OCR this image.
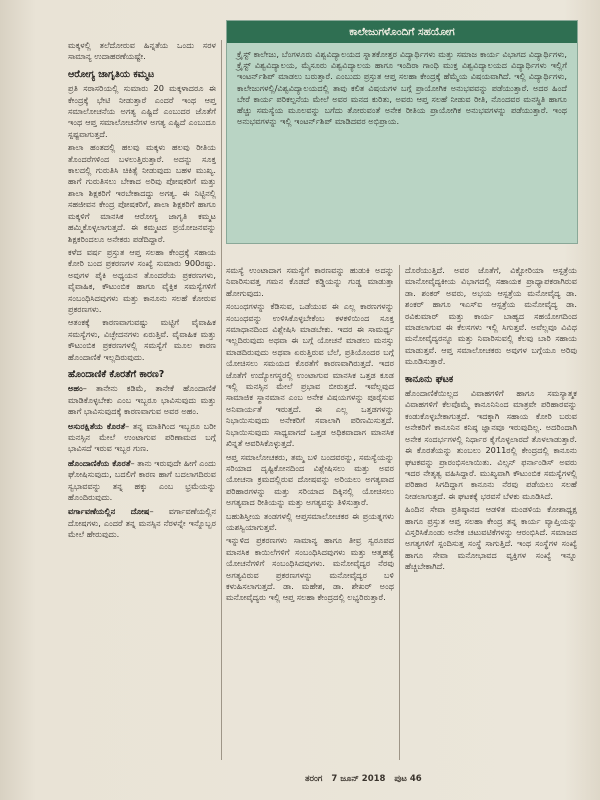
ಮಕ್ಕಳಲ್ಲಿ ತಲೆದೋರುವ ಹಿನ್ನತೆಯ ಒಂದು ಸರಳ ಸಾಮಾನ್ಯ ಉದಾಹರಣೆಯಷ್ಟೇ.

ಆರೋಗ್ಯ ಜಾಗೃತಿಯ ಕಮ್ಮಟ

ಪ್ರತಿ ಸರಾಸರಿಯಲ್ಲಿ ಸುಮಾರು 20 ಮಕ್ಕಳಾದರೂ ಈ ಕೇಂದ್ರಕ್ಕೆ ಭೇಟಿ ನೀಡುತ್ತಾರೆ ಎಂದರೆ ಇಂಥ ಆಪ್ತ ಸಮಾಲೋಚನೆಯ ಅಗತ್ಯ ಎಷ್ಟಿದೆ ಎಂಬುದರ ಜೊತೆಗೆ ಇಂಥ ಆಪ್ತ ಸಮಾಲೋಚನೆಗಳ ಅಗತ್ಯ ಎಷ್ಟಿದೆ ಎಂಬುದೂ ಸ್ಪಷ್ಟವಾಗುತ್ತದೆ.

ಶಾಲಾ ಹಂತದಲ್ಲಿ ಹಲವು ಮಕ್ಕಳು ಹಲವು ರೀತಿಯ ತೊಂದರೆಗಳಿಂದ ಬಳಲುತ್ತಿರುತ್ತಾರೆ. ಅದನ್ನು ಸೂಕ್ತ ಕಾಲದಲ್ಲಿ ಗುರುತಿಸಿ ಚಿಕಿತ್ಸೆ ನೀಡುವುದು ಬಹಳ ಮುಖ್ಯ. ಹಾಗೆ ಗುರುತಿಸಲು ಬೇಕಾದ ಅರಿವು ಪೋಷಕರಿಗೆ ಮತ್ತು ಶಾಲಾ ಶಿಕ್ಷಕರಿಗೆ ಇರಬೇಕಾದದ್ದು ಅಗತ್ಯ. ಈ ನಿಟ್ಟಿನಲ್ಲಿ ಸಹಜೀವನ ಕೇಂದ್ರ ಪೋಷಕರಿಗೆ, ಶಾಲಾ ಶಿಕ್ಷಕರಿಗೆ ಹಾಗೂ ಮಕ್ಕಳಿಗೆ ಮಾನಸಿಕ ಆರೋಗ್ಯ ಜಾಗೃತಿ ಕಮ್ಮಟ ಹಮ್ಮಿಕೊಳ್ಳಲಾಗುತ್ತದೆ. ಈ ಕಮ್ಮಟದ ಪ್ರಯೋಜನವನ್ನು ಶಿಕ್ಷಕರಿಂದಲೂ ಅನೇಕರು ಪಡೆದಿದ್ದಾರೆ.

ಕಳೆದ ವರ್ಷ ಪ್ರಸ್ತುತ ಆಪ್ತ ಸಲಹಾ ಕೇಂದ್ರಕ್ಕೆ ಸಹಾಯ ಕೋರಿ ಬಂದ ಪ್ರಕರಣಗಳ ಸಂಖ್ಯೆ ಸುಮಾರು 900ರಷ್ಟು. ಅವುಗಳ ಪೈಕಿ ಅಧ್ಯಯನ ತೊಂದರೆಯ ಪ್ರಕರಣಗಳು, ವೈವಾಹಿಕ, ಕೌಟುಂಬಿಕ ಹಾಗೂ ವೈಕ್ತಿಕ ಸಮಸ್ಯೆಗಳಿಗೆ ಸಂಬಂಧಿಸಿದವುಗಳು ಮತ್ತು ಕಾನೂನು ಸಲಹೆ ಕೋರುವ ಪ್ರಕರಣಗಳು.

ಆತಂಕಕ್ಕೆ ಕಾರಣವಾಗುವಷ್ಟು ಮಟ್ಟಿಗೆ ವೈವಾಹಿಕ ಸಮಸ್ಯೆಗಳು, ವಿಚ್ಛೇದನಗಳು ಏರುತ್ತಿವೆ. ವೈವಾಹಿಕ ಮತ್ತು ಕೌಟುಂಬಿಕ ಪ್ರಕರಣಗಳಲ್ಲಿ ಸಮಸ್ಯೆಗೆ ಮೂಲ ಕಾರಣ ಹೊಂದಾಣಿಕೆ ಇಲ್ಲದಿರುವುದು.

ಹೊಂದಾಣಿಕೆ ಕೊರತೆಗೆ ಕಾರಣ?
ಅಹಂ– ತಾನೇನು ಕಡಿಮೆ, ತಾನೇಕೆ ಹೊಂದಾಣಿಕೆ ಮಾಡಿಕೊಳ್ಳಬೇಕು ಎಂಬ ಇಬ್ಬರೂ ಭಾವಿಸುವುದು ಮತ್ತು ಹಾಗೆ ಭಾವಿಸುವುದಕ್ಕೆ ಕಾರಣವಾಗುವ ಅವರ ಅಹಂ.
ಅಸುರಕ್ಷಿತೆಯ ಕೊರತೆ– ತನ್ನ ಮಾತಿಗಿಂದ ಇಬ್ಬರೂ ಬರೀ ಮನಸ್ಸಿನ ಮೇಲೆ ಉಂಟಾಗುವ ಪರಿಣಾಮದ ಬಗ್ಗೆ ಭಾವಿಸದೆ ಇರುವ ಇಬ್ಬರ ಗುಣ.
ಹೊಂದಾಣಿಕೆಯ ಕೊರತೆ– ತಾನು ಇರುವುದೇ ಹೀಗೆ ಎಂದು ಘೋಷಿಸುವುದು, ಬದಲಿಗೆ ಕಾರಣ ಹಾಗೆ ಬದಲಾಗದಿರುವ ಸ್ವಭಾವವನ್ನು ತನ್ನ ಹಕ್ಕು ಎಂಬ ಭ್ರಮೆಯನ್ನು ಹೊಂದಿರುವುದು.
ವರ್ಗಾವಣೆಯಲ್ಲಿನ ದೋಷ– ವರ್ಗಾವಣೆಯಲ್ಲಿನ ದೋಷಗಳು, ಎಂದರೆ ತನ್ನ ಮನಸ್ಸಿನ ನೆರಳನ್ನೇ ಇನ್ನೊಬ್ಬರ ಮೇಲೆ ಹೇರುವುದು.
ಕಾಲೇಜುಗಳೊಂದಿಗೆ ಸಹಯೋಗ
ಕ್ರೈಸ್ಟ್ ಕಾಲೇಜು, ಬೆಂಗಳೂರು ವಿಶ್ವವಿದ್ಯಾಲಯದ ಸ್ನಾತಕೋತ್ತರ ವಿದ್ಯಾರ್ಥಿಗಳು ಮತ್ತು ಸಮಾಜ ಕಾರ್ಯ ವಿಭಾಗದ ವಿದ್ಯಾರ್ಥಿಗಳು, ಕ್ರೈಸ್ಟ್ ವಿಶ್ವವಿದ್ಯಾಲಯ, ಮೈಸೂರು ವಿಶ್ವವಿದ್ಯಾಲಯ ಹಾಗೂ ಇಂದಿರಾ ಗಾಂಧಿ ಮುಕ್ತ ವಿಶ್ವವಿದ್ಯಾಲಯದ ವಿದ್ಯಾರ್ಥಿಗಳು ಇಲ್ಲಿಗೆ ಇಂಟರ್ನ್‌ಶಿಪ್ ಮಾಡಲು ಬರುತ್ತಾರೆ. ಎಂಬುದು ಪ್ರಸ್ತುತ ಆಪ್ತ ಸಲಹಾ ಕೇಂದ್ರಕ್ಕೆ ಹೆಮ್ಮೆಯ ವಿಷಯವಾಗಿದೆ. ಇಲ್ಲಿ ವಿದ್ಯಾರ್ಥಿಗಳು, ಕಾಲೇಜುಗಳಲ್ಲಿ/ವಿಶ್ವವಿದ್ಯಾಲಯದಲ್ಲಿ ತಾವು ಕಲಿತ ವಿಷಯಗಳ ಬಗ್ಗೆ ಪ್ರಾಯೋಗಿಕ ಅನುಭವವನ್ನು ಪಡೆಯುತ್ತಾರೆ. ಅದರ ಹಿಂದೆ ಬೇರೆ ಕಾರ್ಯ ಪರಿಕಲ್ಪನೆಯ ಮೇಲೆ ಅವರ ಮನದ ಕುರಿತು, ಅವರು ಆಪ್ತ ಸಲಹೆ ನೀಡುವ ರೀತಿ, ನೊಂದವರ ಮನಸ್ಥಿತಿ ಹಾಗೂ ಹೆಚ್ಚು ಸಮಸ್ಯೆಯ ಮೂಲವನ್ನು ಬಗೆದು ತೋರುವಂತೆ ಅನೇಕ ರೀತಿಯ ಪ್ರಾಯೋಗಿಕ ಅನುಭವಗಳನ್ನು ಪಡೆಯುತ್ತಾರೆ. ಇಂಥ ಅನುಭವಗಳನ್ನು ಇಲ್ಲಿ ಇಂಟರ್ನ್‌ಶಿಪ್ ಮಾಡಿದವರ ಅಭಿಪ್ರಾಯ.

ಸಮಸ್ಯೆ ಉಂಟಾದಾಗ ಸಮಸ್ಯೆಗೆ ಕಾರಣವನ್ನು ಹುಡುಕಿ ಅದನ್ನು ನಿವಾರಿಸುವತ್ತ ಗಮನ ಕೊಡದೆ ಕಡ್ಡಿಯನ್ನು ಗುಡ್ಡ ಮಾಡುತ್ತಾ ಹೋಗುವುದು.

ಸಂಬಂಧಗಳನ್ನು ಕೆಡಿಸುವ, ಒಡೆಯುವ ಈ ಎಲ್ಲ ಕಾರಣಗಳನ್ನು ಸಂಬಂಧವನ್ನು ಉಳಿಸಿಕೊಳ್ಳಬೇಕೆಂಬ ಕಳಕಳಿಯಿಂದ ಸೂಕ್ತ ಸಮಾಧಾನದಿಂದ ವಿಶ್ಲೇಷಿಸಿ ಮಾಡಬೇಕು. ಇದರ ಈ ಸಾಮರ್ಥ್ಯ ಇಲ್ಲದಿರುವುದು ಅಥವಾ ಈ ಬಗ್ಗೆ ಯೋಚನೆ ಮಾಡಲು ಮನಸ್ಸು ಮಾಡದಿರುವುದು ಅಥವಾ ಏರುತ್ತಿರುವ ಬೆಲೆ, ಪ್ರತಿಯೊಂದರ ಬಗ್ಗೆ ಯೋಚಿಸಲು ಸಮಯದ ಕೊರತೆಗೆ ಕಾರಣವಾಗಿರುತ್ತದೆ. ಇದರ ಜೊತೆಗೆ ಉದ್ಯೋಗಸ್ಥರಲ್ಲಿ ಉಂಟಾಗುವ ಮಾನಸಿಕ ಒತ್ತಡ ಕೂಡ ಇಲ್ಲಿ ಮನಸ್ಸಿನ ಮೇಲೆ ಪ್ರಭಾವ ಬೀರುತ್ತದೆ. ಇವೆಲ್ಲವುದ ಸಾಮಾಜಿಕ ಸ್ಥಾನಮಾನ ಎಂಬ ಅನೇಕ ವಿಷಯಗಳನ್ನು ಪೂರೈಸುವ ಅನಿವಾರ್ಯತೆ ಇರುತ್ತದೆ. ಈ ಎಲ್ಲ ಒತ್ತಡಗಳನ್ನು ನಿಭಾಯಿಸುವುದು ಅನೇಕರಿಗೆ ಸವಾಲಾಗಿ ಪರಿಣಮಿಸುತ್ತದೆ. ನಿಭಾಯಿಸುವುದು ಸಾಧ್ಯವಾಗದೆ ಒತ್ತಡ ಅಧಿಕವಾದಾಗ ಮಾನಸಿಕ ಖಿನ್ನತೆ ಆವರಿಸಿಕೊಳ್ಳುತ್ತದೆ.

ಆಪ್ತ ಸಮಾಲೋಚಕರು, ತಮ್ಮ ಬಳಿ ಬಂದವರನ್ನು, ಸಮಸ್ಯೆಯನ್ನು ಸರಿಯಾದ ದೃಷ್ಟಿಕೋನದಿಂದ ವಿಶ್ಲೇಷಿಸಲು ಮತ್ತು ಅವರ ಯೋಚನಾ ಕ್ರಮದಲ್ಲಿರುವ ದೋಷವನ್ನು ಅರಿಯಲು ಅಗತ್ಯವಾದ ಪರಿಹಾರಗಳನ್ನು ಮತ್ತು ಸರಿಯಾದ ದಿಕ್ಕಿನಲ್ಲಿ ಯೋಚಿಸಲು ಅಗತ್ಯವಾದ ರೀತಿಯನ್ನು ಮತ್ತು ಅಗತ್ಯವನ್ನು ತಿಳಿಸುತ್ತಾರೆ.

ಬಹುಶಿಸ್ತೀಯ ತಂಡಗಳಲ್ಲಿ ಆಪ್ತಸಮಾಲೋಚಕರ ಈ ಪ್ರಯತ್ನಗಳು ಯಶಸ್ವಿಯಾಗುತ್ತವೆ.

ಇನ್ನುಳಿದ ಪ್ರಕರಣಗಳು ಸಾಮಾನ್ಯ ಹಾಗೂ ತೀವ್ರ ಸ್ವರೂಪದ ಮಾನಸಿಕ ಕಾಯಿಲೆಗಳಿಗೆ ಸಂಬಂಧಿಸಿದವುಗಳು ಮತ್ತು ಆತ್ಮಹತ್ಯೆ ಯೋಚನೆಗಳಿಗೆ ಸಂಬಂಧಿಸಿದವುಗಳು. ಮನೋವೈದ್ಯರ ನೆರವು ಅಗತ್ಯವಿರುವ ಪ್ರಕರಣಗಳನ್ನು ಮನೋವೈದ್ಯರ ಬಳಿ ಕಳುಹಿಸಲಾಗುತ್ತದೆ. ಡಾ. ಮಹೇಶ, ಡಾ. ಶೇಖರ್ ಅಂಥ ಮನೋವೈದ್ಯರು ಇಲ್ಲಿ ಆಪ್ತ ಸಲಹಾ ಕೇಂದ್ರದಲ್ಲಿ ಲಭ್ಯರಿರುತ್ತಾರೆ.

ದೊರೆಯುತ್ತಿದೆ. ಅವರ ಜೊತೆಗೆ, ವಿಕ್ಟೋರಿಯಾ ಆಸ್ಪತ್ರೆಯ ಮಾನೋವೈದ್ಯಕೀಯ ವಿಭಾಗದಲ್ಲಿ ಸಹಾಯಕ ಪ್ರಾಧ್ಯಾಪಕರಾಗಿರುವ ಡಾ. ಶಂಕರ್ ಅವರು, ಅಭಯ ಆಸ್ಪತ್ರೆಯ ಮನೋವೈದ್ಯ ಡಾ. ಶಂಕರ್ ಹಾಗೂ ಇಎಸ್‌ಐ ಆಸ್ಪತ್ರೆಯ ಮನೋವೈದ್ಯ ಡಾ. ರವಿಕುಮಾರ್ ಮತ್ತು ಕಾರ್ಯ ಬಾಹ್ಯದ ಸಹಯೋಗದಿಂದ ಮಾಡಲಾಗುವ ಈ ಕೆಲಸಗಳು ಇಲ್ಲಿ ಸಿಗುತ್ತವೆ. ಅವೆಲ್ಲವೂ ವಿವಿಧ ಮನೋವೈದ್ಯರನ್ನೂ ಮತ್ತು ನಿವಾರಿಸುವಲ್ಲಿ ಕೆಲವು ಬಾರಿ ಸಹಾಯ ಮಾಡುತ್ತವೆ. ಆಪ್ತ ಸಮಾಲೋಚಕರು ಅವುಗಳ ಬಗ್ಗೆಯೂ ಅರಿವು ಮೂಡಿಸುತ್ತಾರೆ.

ಕಾನೂನು ಘಟಕ

ಹೊಂದಾಣಿಕೆಯಿಲ್ಲದ ವಿವಾಹಗಳಿಗೆ ಹಾಗೂ ಸಮಸ್ಯಾತ್ಮಕ ವಿವಾಹಗಳಿಗೆ ಕೆಲವೊಮ್ಮೆ ಕಾನೂನಿನಿಂದ ಮಾತ್ರವೇ ಪರಿಹಾರವನ್ನು ಕಂಡುಕೊಳ್ಳಬೇಕಾಗುತ್ತದೆ. ಇದಕ್ಕಾಗಿ ಸಹಾಯ ಕೋರಿ ಬರುವ ಅನೇಕರಿಗೆ ಕಾನೂನಿನ ಕನಿಷ್ಠ ಜ್ಞಾನವೂ ಇರುವುದಿಲ್ಲ. ಅದರಿಂದಾಗಿ ಅನೇಕ ಸಂದರ್ಭಗಳಲ್ಲಿ ನಿರ್ಧಾರ ಕೈಗೊಳ್ಳಲಾರದೆ ತೊಳಲಾಡುತ್ತಾರೆ. ಈ ಕೊರತೆಯನ್ನು ತುಂಬಲು 2011ರಲ್ಲಿ ಕೇಂದ್ರದಲ್ಲಿ ಕಾನೂನು ಘಟಕವನ್ನು ಪ್ರಾರಂಭಿಸಲಾಯಿತು. ವಿಲ್ಸನ್ ಫರ್ನಾಂಡಿಸ್ ಅವರು ಇದರ ನೇತೃತ್ವ ವಹಿಸಿದ್ದಾರೆ. ಮುಖ್ಯವಾಗಿ ಕೌಟುಂಬಿಕ ಸಮಸ್ಯೆಗಳಲ್ಲಿ ಪರಿಹಾರ ಸಿಗದಿದ್ದಾಗ ಕಾನೂನು ನೆರವು ಪಡೆಯಲು ಸಲಹೆ ನೀಡಲಾಗುತ್ತದೆ. ಈ ಘಟಕಕ್ಕೆ ಭರವಸೆ ಬೆಳಕು ಮೂಡಿಸಿದೆ.

ಹಿಂದಿನ ಸೇವಾ ಪ್ರತಿಷ್ಠಾನದ ಆಡಳಿತ ಮಂಡಳಿಯ ಕೋಶಾಧ್ಯಕ್ಷ ಹಾಗೂ ಪ್ರಸ್ತುತ ಆಪ್ತ ಸಲಹಾ ಕೇಂದ್ರ ತನ್ನ ಕಾರ್ಯ ವ್ಯಾಪ್ತಿಯನ್ನು ವಿಸ್ತರಿಸಿಕೊಂಡು ಅನೇಕ ಚಟುವಟಿಕೆಗಳನ್ನು ಆರಂಭಿಸಿದೆ. ಸಮಾಜದ ಅಗತ್ಯಗಳಿಗೆ ಸ್ಪಂದಿಸುತ್ತ ಸಂಸ್ಥೆ ಸಾಗುತ್ತಿದೆ. ಇಂಥ ಸಂಸ್ಥೆಗಳ ಸಂಖ್ಯೆ ಹಾಗೂ ಸೇವಾ ಮನೋಭಾವದ ವ್ಯಕ್ತಿಗಳ ಸಂಖ್ಯೆ ಇನ್ನೂ ಹೆಚ್ಚಬೇಕಾಗಿದೆ.

ತರಂಗ 7 ಜೂನ್ 2018 ಪುಟ 46
